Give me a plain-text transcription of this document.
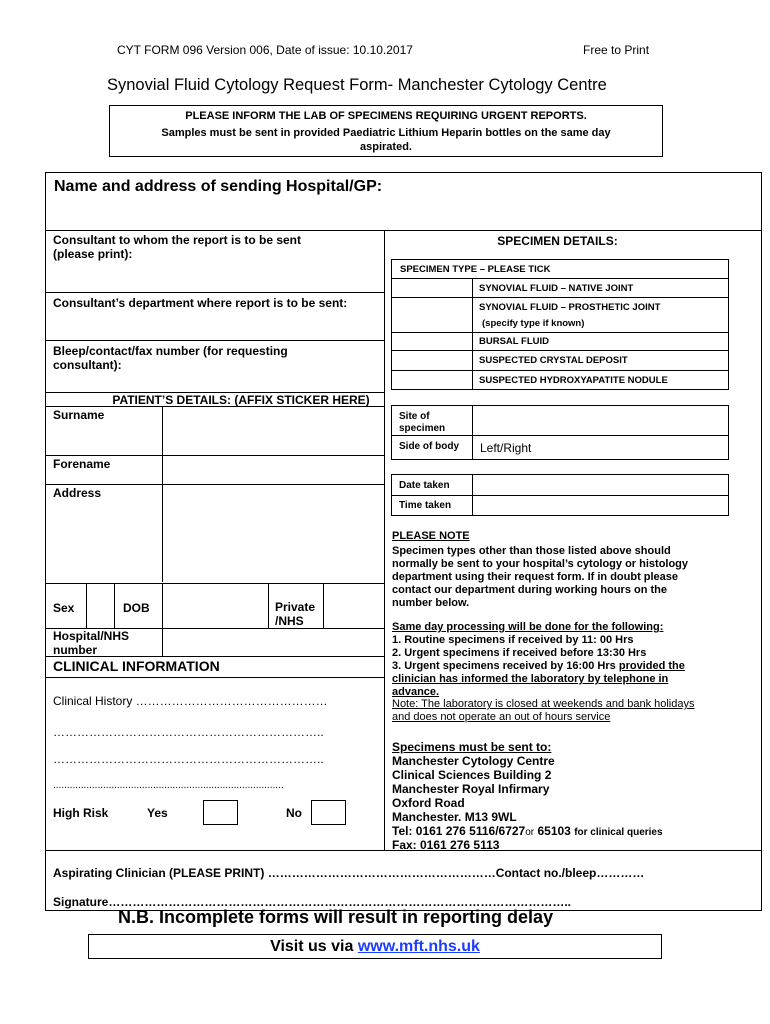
CYT FORM 096 Version 006, Date of issue: 10.10.2017	Free to Print
Synovial Fluid Cytology Request Form- Manchester Cytology Centre
PLEASE INFORM THE LAB OF SPECIMENS REQUIRING URGENT REPORTS.
Samples must be sent in provided Paediatric Lithium Heparin bottles on the same day
aspirated.
Name and address of sending Hospital/GP:
Consultant to whom the report is to be sent
(please print):
Consultant’s department where report is to be sent:
Bleep/contact/fax number (for requesting
consultant):
PATIENT’S DETAILS: (AFFIX STICKER HERE)
Surname
Forename
Address
Sex	DOB	Private
/NHS
Hospital/NHS
number
CLINICAL INFORMATION
Clinical History …………………………………………
…………………………………………………………..
…………………………………………………………..
...................................................................................
High Risk	Yes	No
SPECIMEN DETAILS:
SPECIMEN TYPE – PLEASE TICK
SYNOVIAL FLUID – NATIVE JOINT
SYNOVIAL FLUID – PROSTHETIC JOINT
(specify type if known)
BURSAL FLUID
SUSPECTED CRYSTAL DEPOSIT
SUSPECTED HYDROXYAPATITE NODULE
Site of
specimen
Side of body Left/Right
Date taken
Time taken
PLEASE NOTE
Specimen types other than those listed above should
normally be sent to your hospital’s cytology or histology
department using their request form. If in doubt please
contact our department during working hours on the
number below.
Same day processing will be done for the following:
1. Routine specimens if received by 11: 00 Hrs
2. Urgent specimens if received before 13:30 Hrs
3. Urgent specimens received by 16:00 Hrs provided the
clinician has informed the laboratory by telephone in
advance.
Note: The laboratory is closed at weekends and bank holidays
and does not operate an out of hours service
Specimens must be sent to:
Manchester Cytology Centre
Clinical Sciences Building 2
Manchester Royal Infirmary
Oxford Road
Manchester. M13 9WL
Tel: 0161 276 5116/6727or 65103 for clinical queries
Fax: 0161 276 5113
Aspirating Clinician (PLEASE PRINT) …………………………………………………Contact no./bleep…………
Signature……………………………………………………………………………………………………..
N.B. Incomplete forms will result in reporting delay
Visit us via www.mft.nhs.uk
